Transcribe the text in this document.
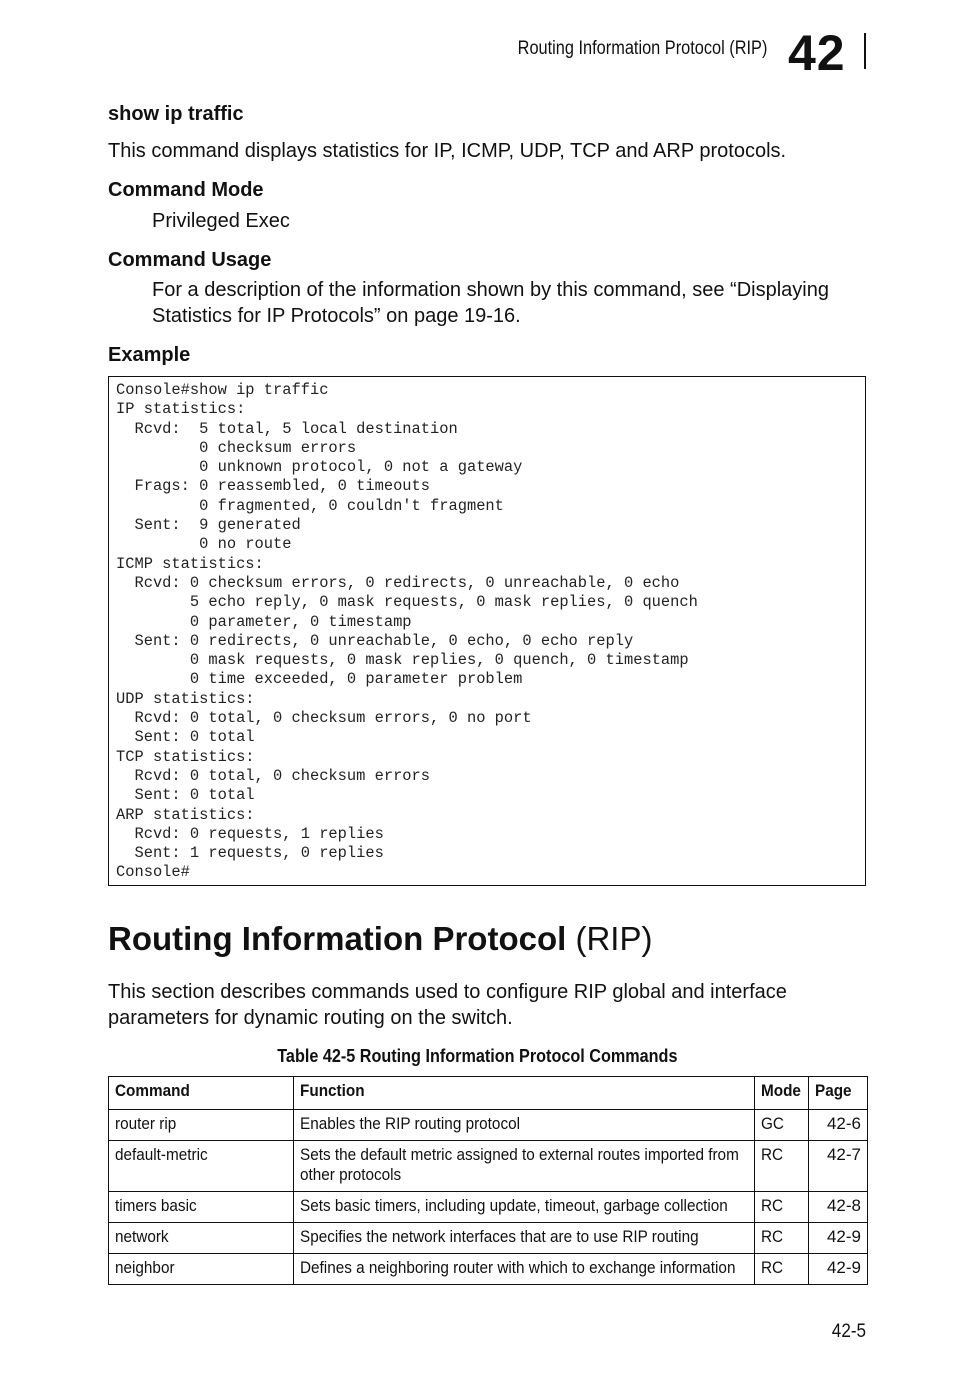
Routing Information Protocol (RIP) 42
show ip traffic
This command displays statistics for IP, ICMP, UDP, TCP and ARP protocols.
Command Mode
Privileged Exec
Command Usage
For a description of the information shown by this command, see “Displaying
Statistics for IP Protocols” on page 19-16.
Example
Console#show ip traffic
IP statistics:
Rcvd:  5 total, 5 local destination
0 checksum errors
0 unknown protocol, 0 not a gateway
Frags: 0 reassembled, 0 timeouts
0 fragmented, 0 couldn't fragment
Sent:  9 generated
0 no route
ICMP statistics:
Rcvd: 0 checksum errors, 0 redirects, 0 unreachable, 0 echo
5 echo reply, 0 mask requests, 0 mask replies, 0 quench
0 parameter, 0 timestamp
Sent: 0 redirects, 0 unreachable, 0 echo, 0 echo reply
0 mask requests, 0 mask replies, 0 quench, 0 timestamp
0 time exceeded, 0 parameter problem
UDP statistics:
Rcvd: 0 total, 0 checksum errors, 0 no port
Sent: 0 total
TCP statistics:
Rcvd: 0 total, 0 checksum errors
Sent: 0 total
ARP statistics:
Rcvd: 0 requests, 1 replies
Sent: 1 requests, 0 replies
Console#
Routing Information Protocol (RIP)
This section describes commands used to configure RIP global and interface
parameters for dynamic routing on the switch.
Table 42-5 Routing Information Protocol Commands
Command	Function	Mode	Page
router rip	Enables the RIP routing protocol	GC	42-6
default-metric	Sets the default metric assigned to external routes imported from other protocols	RC	42-7
timers basic	Sets basic timers, including update, timeout, garbage collection	RC	42-8
network	Specifies the network interfaces that are to use RIP routing	RC	42-9
neighbor	Defines a neighboring router with which to exchange information	RC	42-9
42-5
